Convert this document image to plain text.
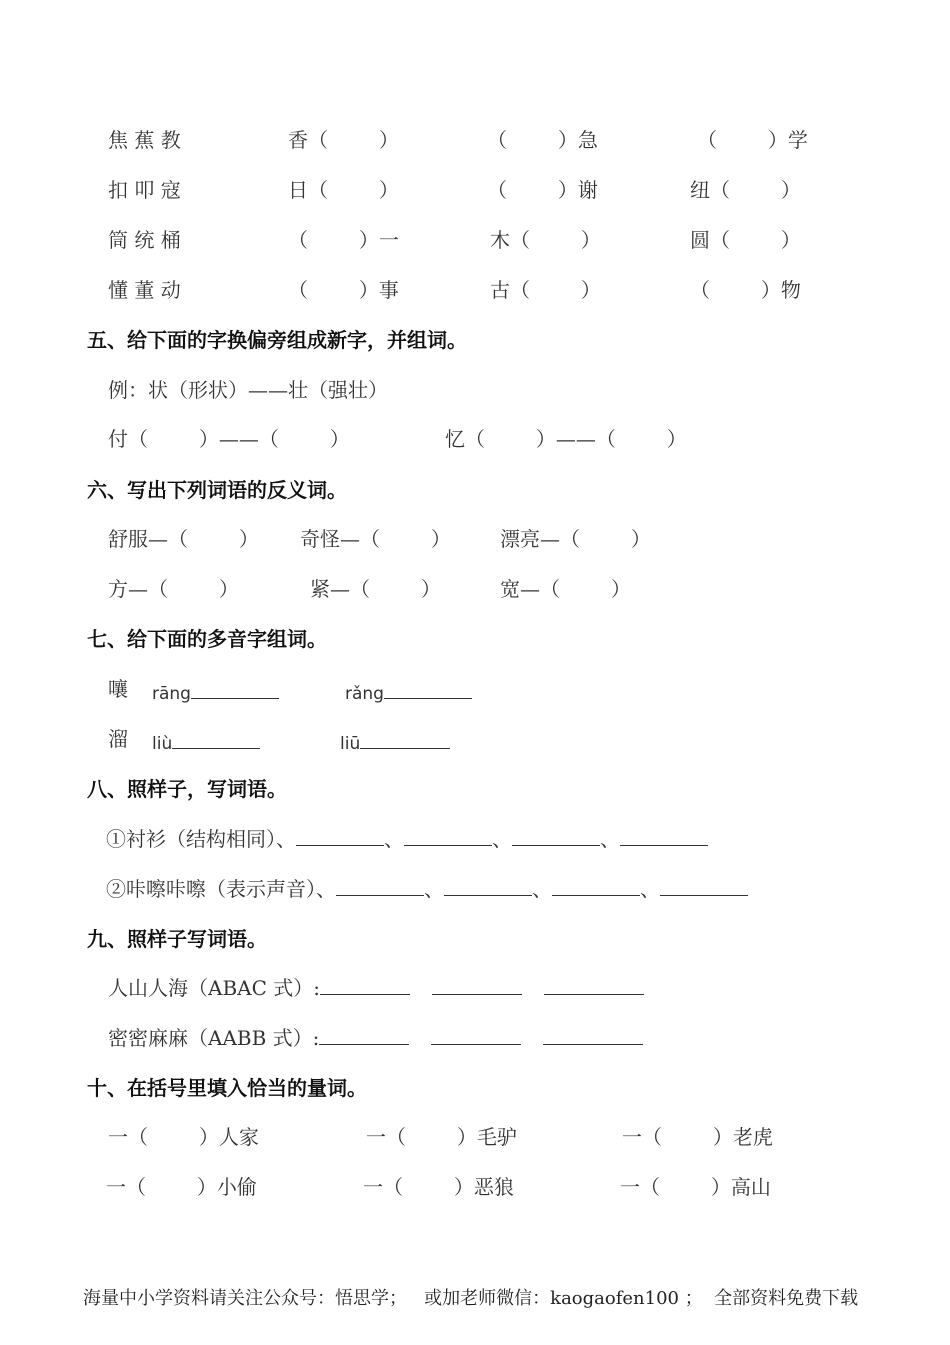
焦 蕉 教	香（        ）	（        ）急	（        ）学
扣 叩 寇	日（        ）	（        ）谢	纽（        ）
筒 统 桶	（        ）一	木（        ）	圆（        ）
懂 董 动	（        ）事	古（        ）	（        ）物
五、给下面的字换偏旁组成新字，并组词。
例：状（形状）——壮（强壮）
付（        ）——（        ）	忆（        ）——（        ）
六、写出下列词语的反义词。
舒服—（        ） 奇怪—（        ） 漂亮—（        ）
方—（        ）	紧—（        ）	宽—（        ）
七、给下面的多音字组词。
嚷 rāng	rǎng
溜 liù	liū
八、照样子，写词语。
①衬衫（结构相同）、	、	、	、
②咔嚓咔嚓（表示声音）、	、	、	、
九、照样子写词语。
人山人海（ABAC 式）:
密密麻麻（AABB 式）:
十、在括号里填入恰当的量词。
一（        ）人家	一（        ）毛驴	一（        ）老虎
一（        ）小偷	一（        ）恶狼	一（        ）高山
海量中小学资料请关注公众号：悟思学；   或加老师微信：kaogaofen100 ；  全部资料免费下载
